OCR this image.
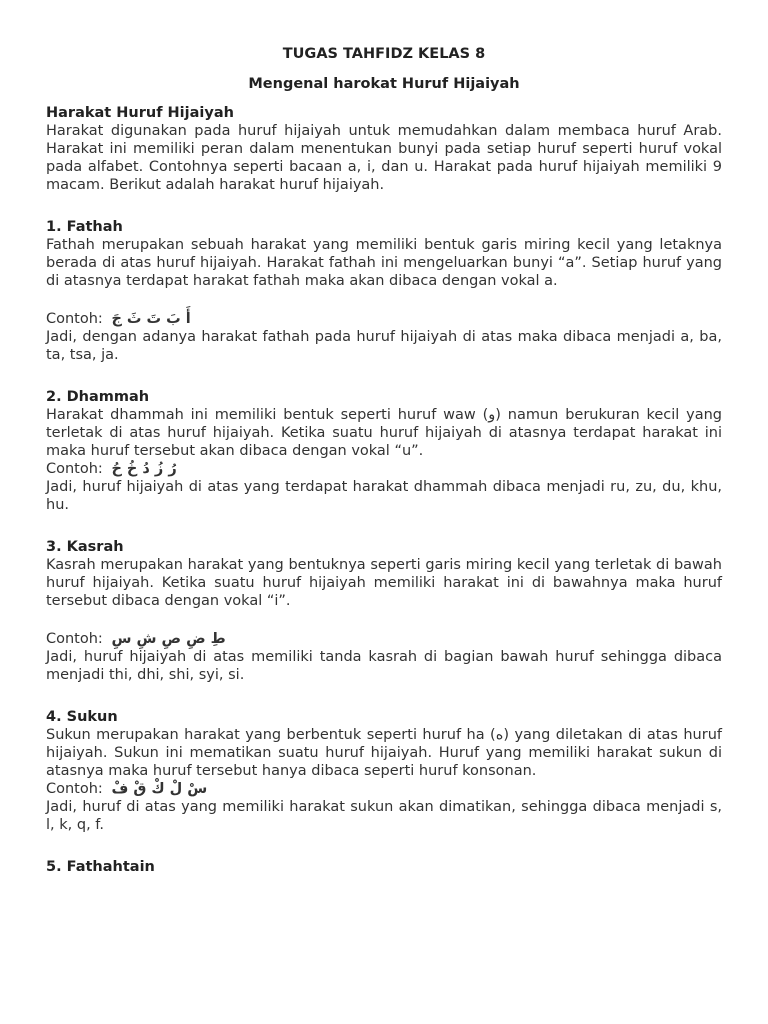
TUGAS TAHFIDZ KELAS 8

Mengenal harokat Huruf Hijaiyah

Harakat Huruf Hijaiyah

Harakat digunakan pada huruf hijaiyah untuk memudahkan dalam membaca huruf Arab. Harakat ini memiliki peran dalam menentukan bunyi pada setiap huruf seperti huruf vokal pada alfabet. Contohnya seperti bacaan a, i, dan u. Harakat pada huruf hijaiyah memiliki 9 macam. Berikut adalah harakat huruf hijaiyah.

1. Fathah

Fathah merupakan sebuah harakat yang memiliki bentuk garis miring kecil yang letaknya berada di atas huruf hijaiyah. Harakat fathah ini mengeluarkan bunyi “a”. Setiap huruf yang di atasnya terdapat harakat fathah maka akan dibaca dengan vokal a.

Contoh: أَ بَ تَ ثَ جَ

Jadi, dengan adanya harakat fathah pada huruf hijaiyah di atas maka dibaca menjadi a, ba, ta, tsa, ja.

2. Dhammah

Harakat dhammah ini memiliki bentuk seperti huruf waw (و) namun berukuran kecil yang terletak di atas huruf hijaiyah. Ketika suatu huruf hijaiyah di atasnya terdapat harakat ini maka huruf tersebut akan dibaca dengan vokal “u”.

Contoh: رُ زُ دُ خُ حُ

Jadi, huruf hijaiyah di atas yang terdapat harakat dhammah dibaca menjadi ru, zu, du, khu, hu.

3. Kasrah

Kasrah merupakan harakat yang bentuknya seperti garis miring kecil yang terletak di bawah huruf hijaiyah. Ketika suatu huruf hijaiyah memiliki harakat ini di bawahnya maka huruf tersebut dibaca dengan vokal “i”.

Contoh: طِ ضِ صِ شِ سِ

Jadi, huruf hijaiyah di atas memiliki tanda kasrah di bagian bawah huruf sehingga dibaca menjadi thi, dhi, shi, syi, si.

4. Sukun

Sukun merupakan harakat yang berbentuk seperti huruf ha (ه) yang diletakan di atas huruf hijaiyah. Sukun ini mematikan suatu huruf hijaiyah. Huruf yang memiliki harakat sukun di atasnya maka huruf tersebut hanya dibaca seperti huruf konsonan.

Contoh: سْ لْ كْ قْ فْ

Jadi, huruf di atas yang memiliki harakat sukun akan dimatikan, sehingga dibaca menjadi s, l, k, q, f.

5. Fathahtain
